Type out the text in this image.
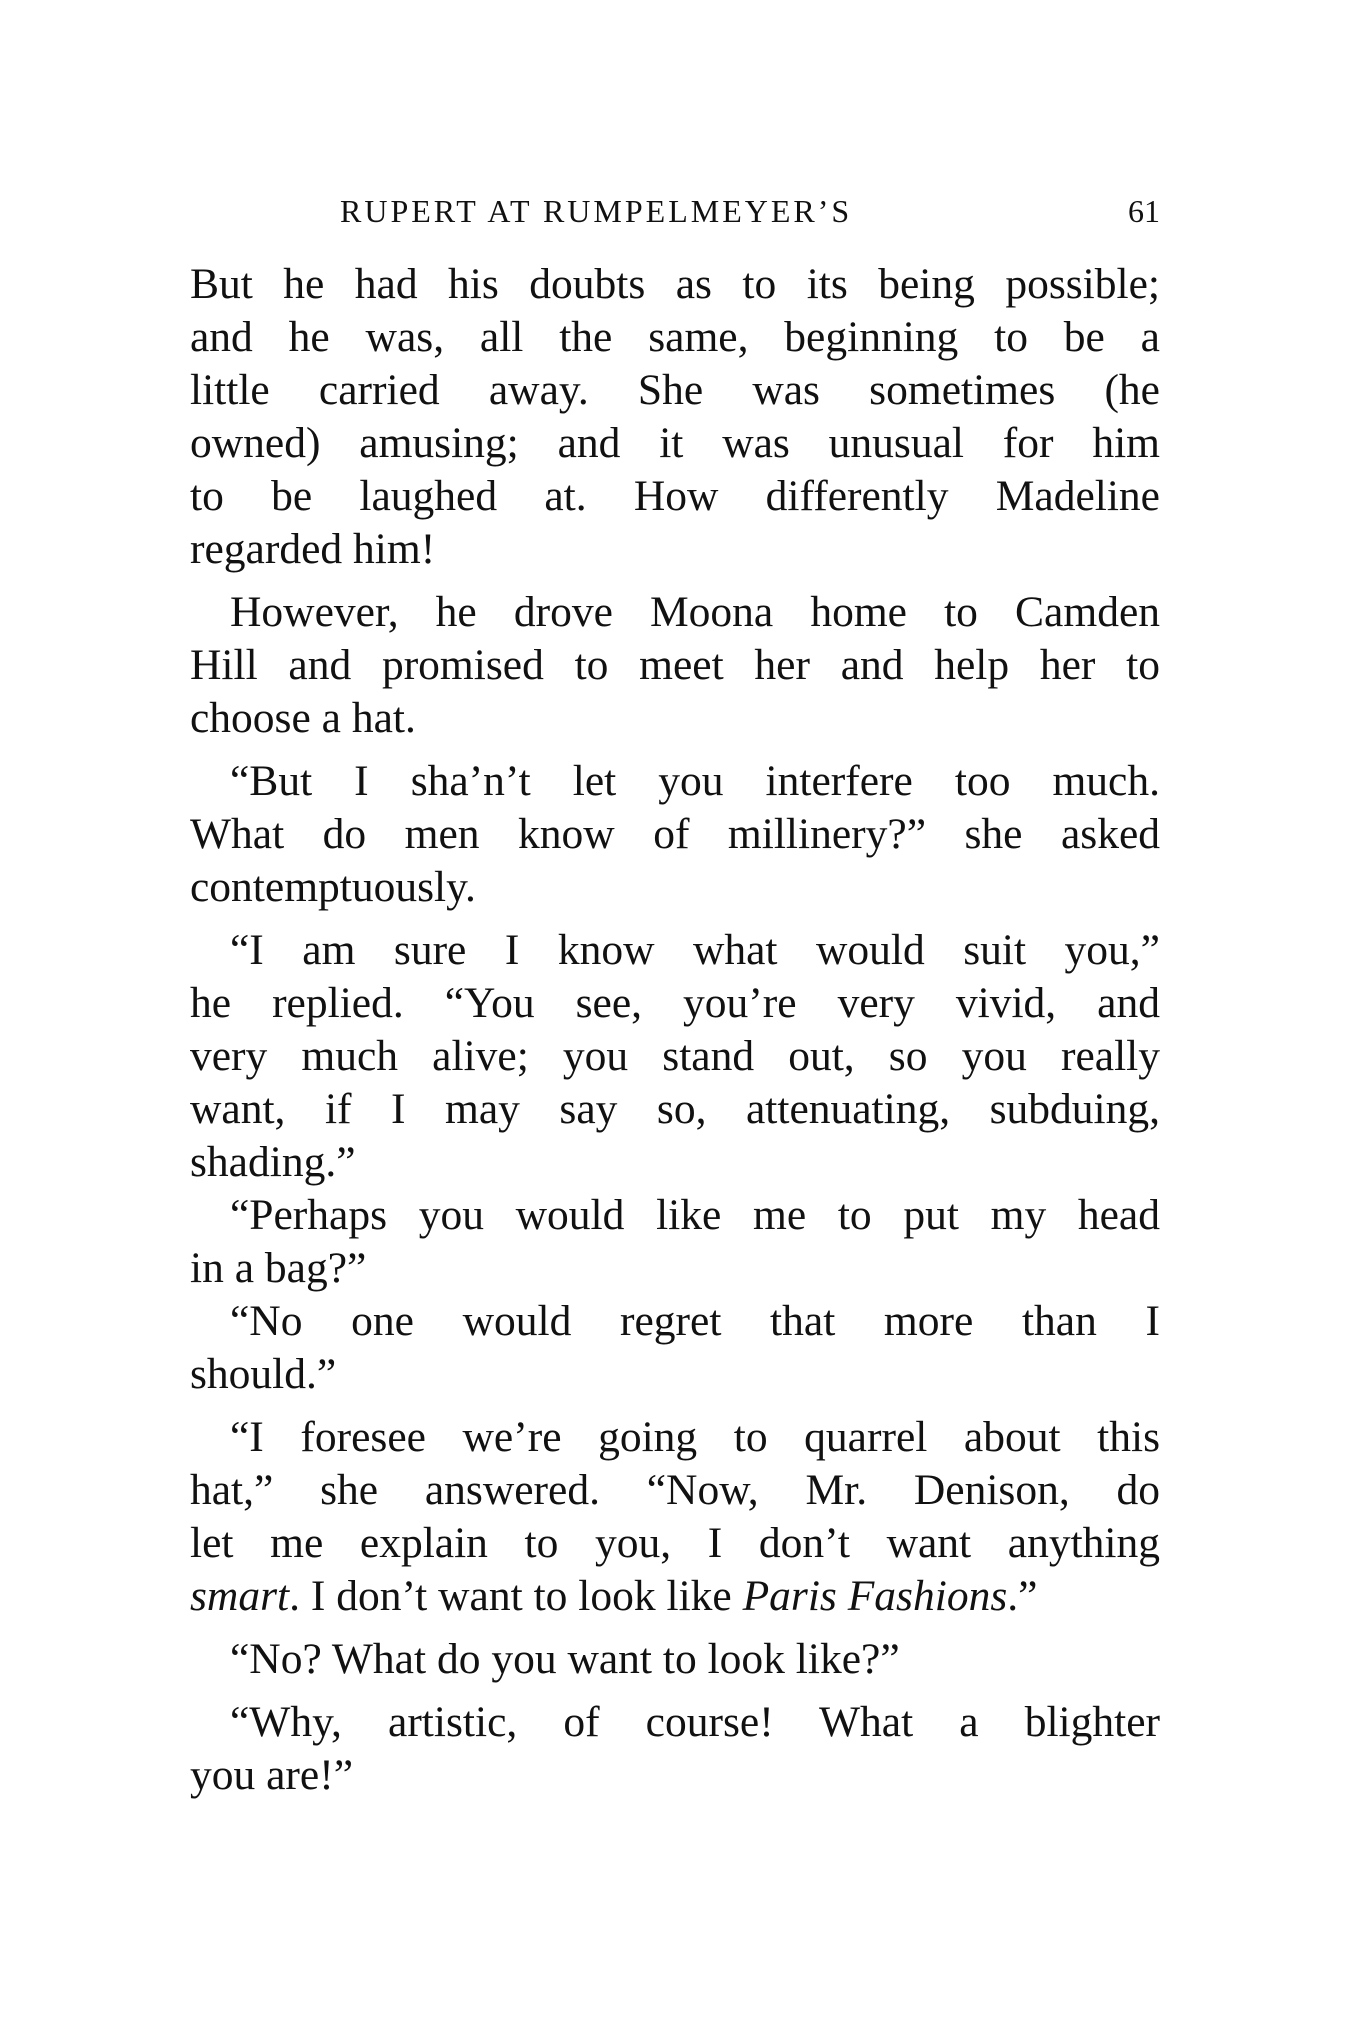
RUPERT AT RUMPELMEYER’S	61
But he had his doubts as to its being possible;
and he was, all the same, beginning to be a
little carried away. She was sometimes (he
owned) amusing; and it was unusual for him
to be laughed at. How differently Madeline
regarded him!
However, he drove Moona home to Camden
Hill and promised to meet her and help her to
choose a hat.
“But I sha’n’t let you interfere too much.
What do men know of millinery?” she asked
contemptuously.
“I am sure I know what would suit you,”
he replied. “You see, you’re very vivid, and
very much alive; you stand out, so you really
want, if I may say so, attenuating, subduing,
shading.”
“Perhaps you would like me to put my head
in a bag?”
“No one would regret that more than I
should.”
“I foresee we’re going to quarrel about this
hat,” she answered. “Now, Mr. Denison, do
let me explain to you, I don’t want anything
smart. I don’t want to look like Paris Fashions.”
“No? What do you want to look like?”
“Why, artistic, of course! What a blighter
you are!”
